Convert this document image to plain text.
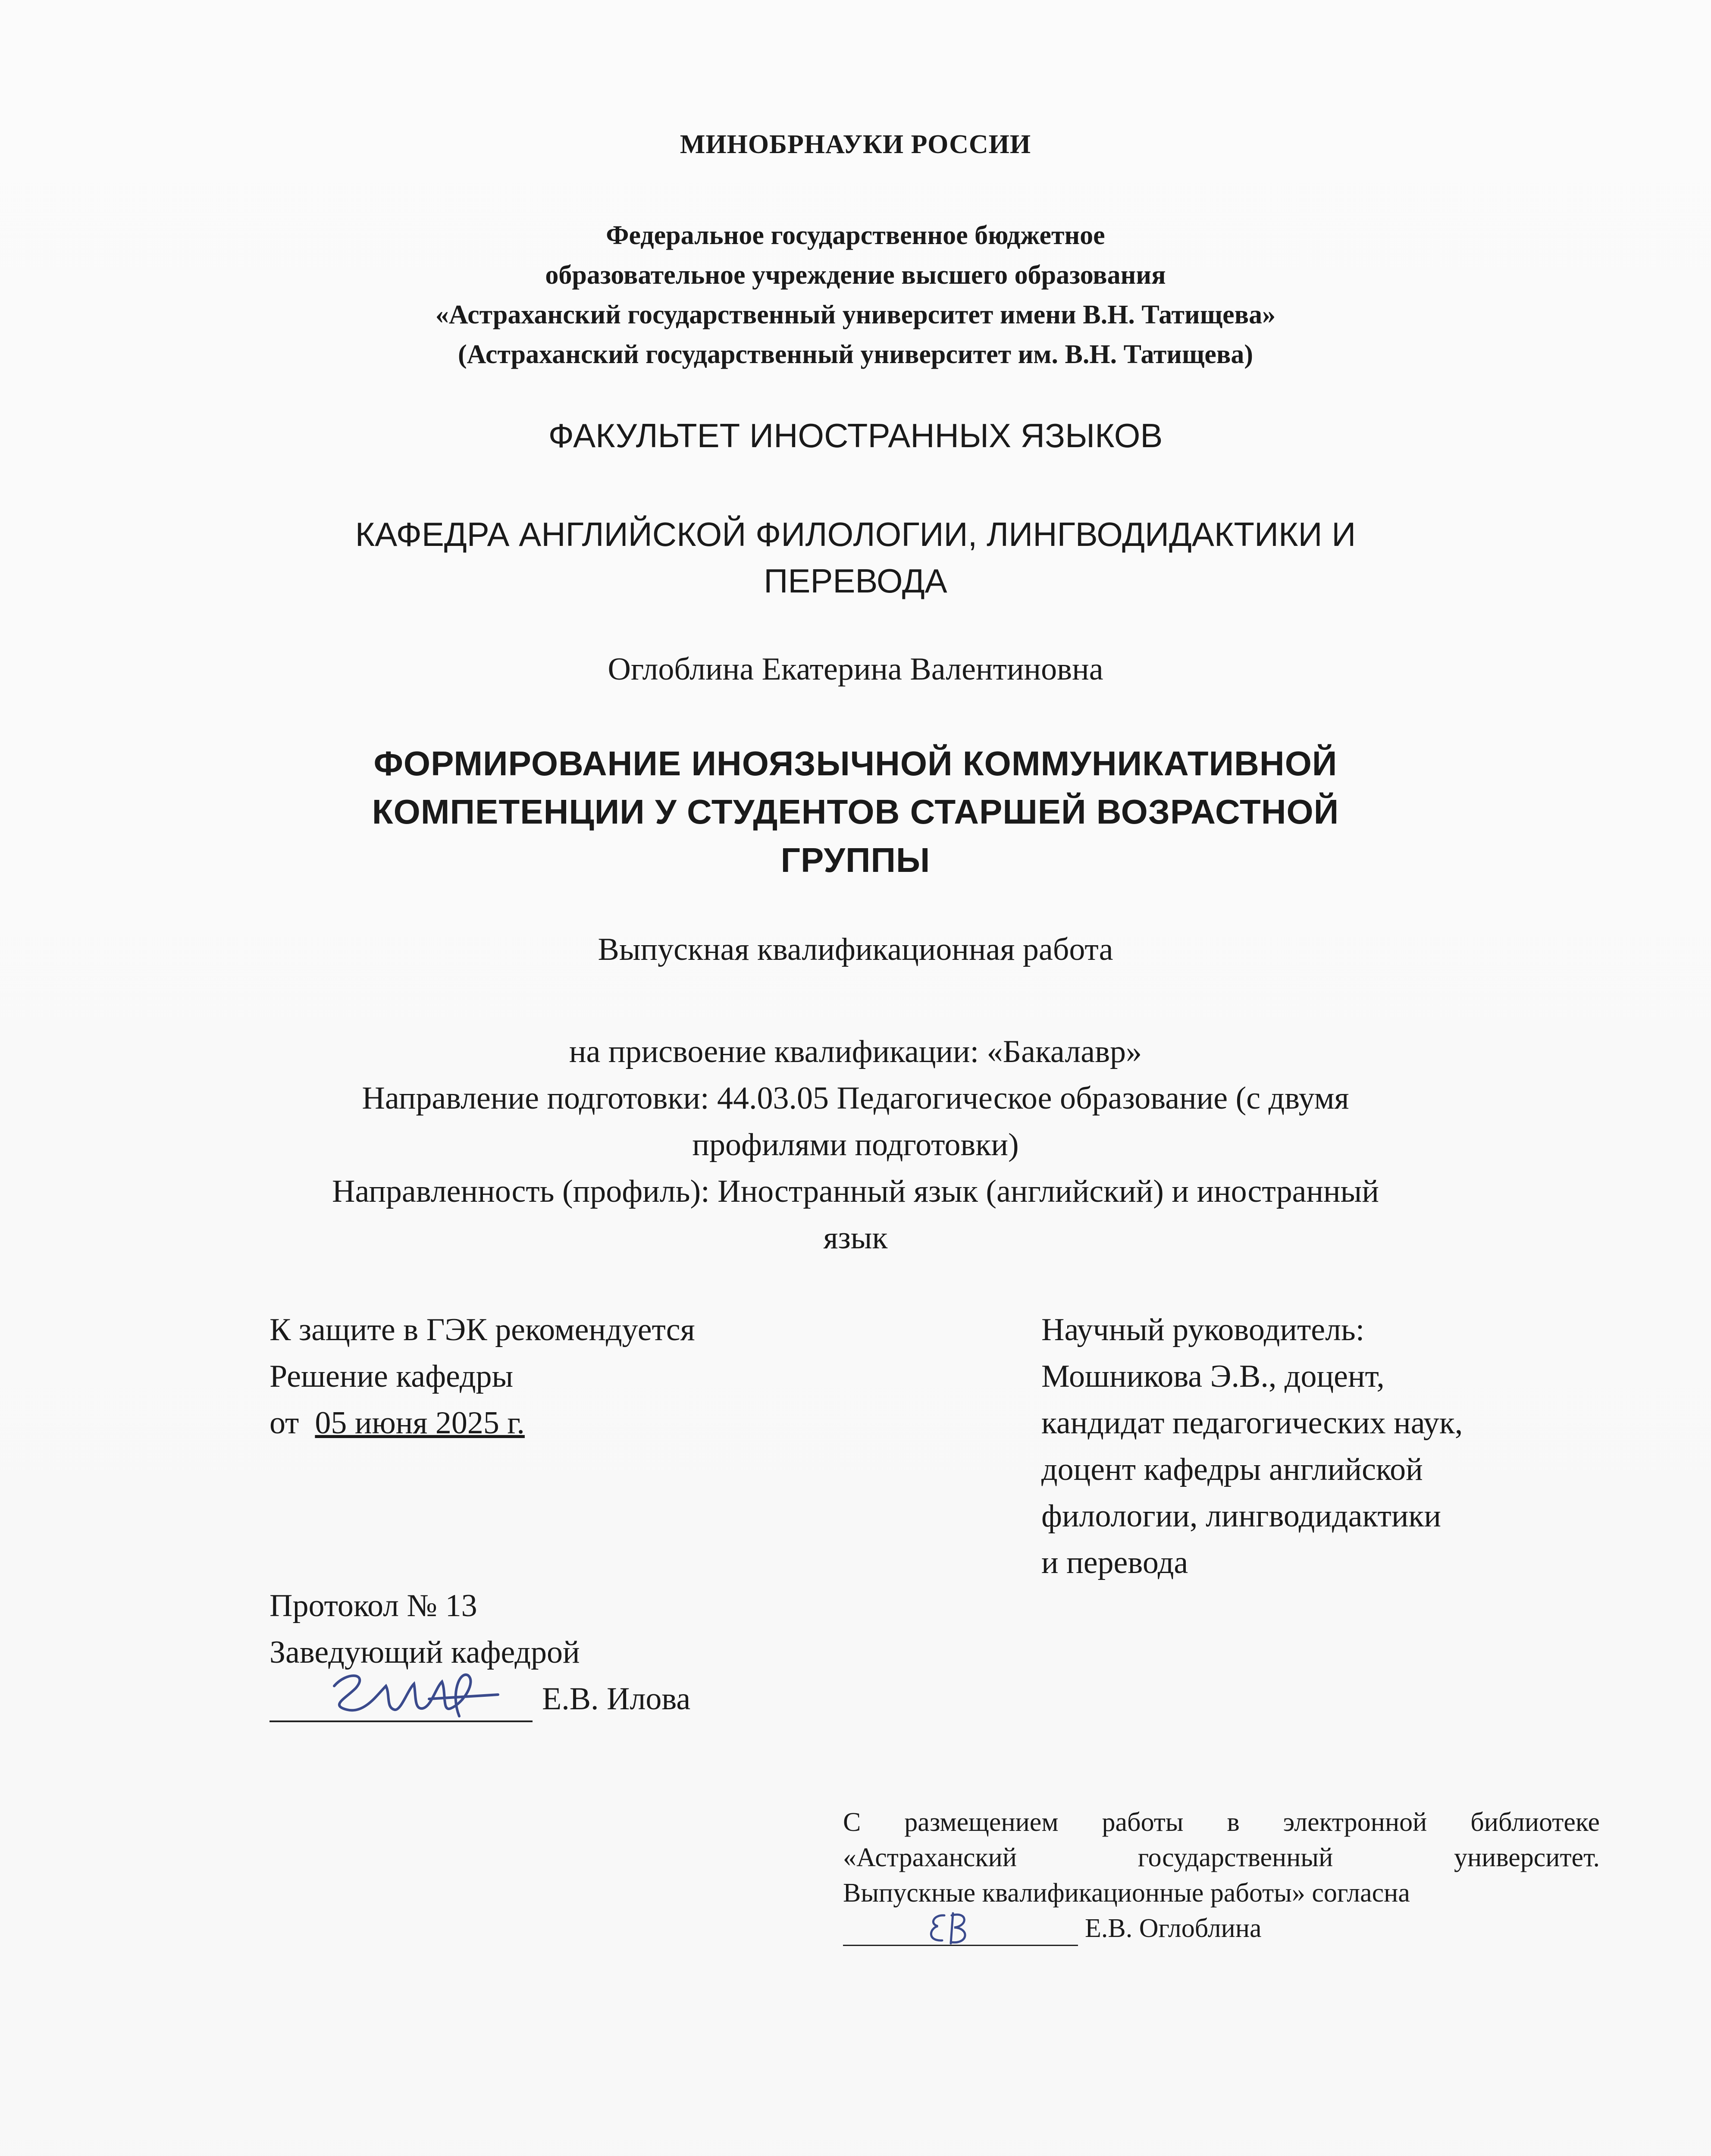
МИНОБРНАУКИ РОССИИ
Федеральное государственное бюджетное
образовательное учреждение высшего образования
«Астраханский государственный университет имени В.Н. Татищева»
(Астраханский государственный университет им. В.Н. Татищева)
ФАКУЛЬТЕТ ИНОСТРАННЫХ ЯЗЫКОВ
КАФЕДРА АНГЛИЙСКОЙ ФИЛОЛОГИИ, ЛИНГВОДИДАКТИКИ И
ПЕРЕВОДА
Оглоблина Екатерина Валентиновна
ФОРМИРОВАНИЕ ИНОЯЗЫЧНОЙ КОММУНИКАТИВНОЙ
КОМПЕТЕНЦИИ У СТУДЕНТОВ СТАРШЕЙ ВОЗРАСТНОЙ
ГРУППЫ
Выпускная квалификационная работа
на присвоение квалификации: «Бакалавр»
Направление подготовки: 44.03.05 Педагогическое образование (с двумя
профилями подготовки)
Направленность (профиль): Иностранный язык (английский) и иностранный
язык
К защите в ГЭК рекомендуется
Решение кафедры
от 05 июня 2025 г.
Протокол № 13
Заведующий кафедрой
Е.В. Илова
Научный руководитель:
Мошникова Э.В., доцент,
кандидат педагогических наук,
доцент кафедры английской
филологии, лингводидактики
и перевода
С размещением работы в электронной библиотеке
«Астраханский государственный университет.
Выпускные квалификационные работы» согласна
Е.В. Оглоблина
